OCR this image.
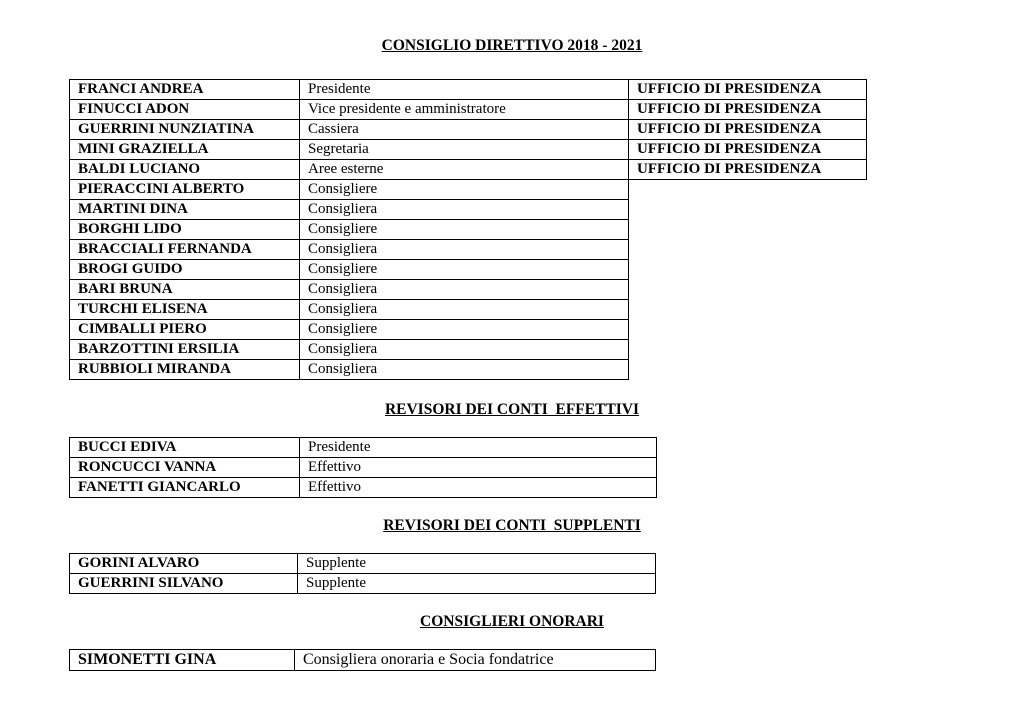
CONSIGLIO DIRETTIVO 2018 - 2021
FRANCI ANDREA	Presidente	UFFICIO DI PRESIDENZA
FINUCCI ADON	Vice presidente e amministratore	UFFICIO DI PRESIDENZA
GUERRINI NUNZIATINA	Cassiera	UFFICIO DI PRESIDENZA
MINI GRAZIELLA	Segretaria	UFFICIO DI PRESIDENZA
BALDI LUCIANO	Aree esterne	UFFICIO DI PRESIDENZA
PIERACCINI ALBERTO	Consigliere	
MARTINI DINA	Consigliera	
BORGHI LIDO	Consigliere	
BRACCIALI FERNANDA	Consigliera	
BROGI GUIDO	Consigliere	
BARI BRUNA	Consigliera	
TURCHI ELISENA	Consigliera	
CIMBALLI PIERO	Consigliere	
BARZOTTINI ERSILIA	Consigliera	
RUBBIOLI MIRANDA	Consigliera	
REVISORI DEI CONTI  EFFETTIVI
BUCCI EDIVA	Presidente
RONCUCCI VANNA	Effettivo
FANETTI GIANCARLO	Effettivo
REVISORI DEI CONTI  SUPPLENTI
GORINI ALVARO	Supplente
GUERRINI SILVANO	Supplente
CONSIGLIERI ONORARI
SIMONETTI GINA	Consigliera onoraria e Socia fondatrice
